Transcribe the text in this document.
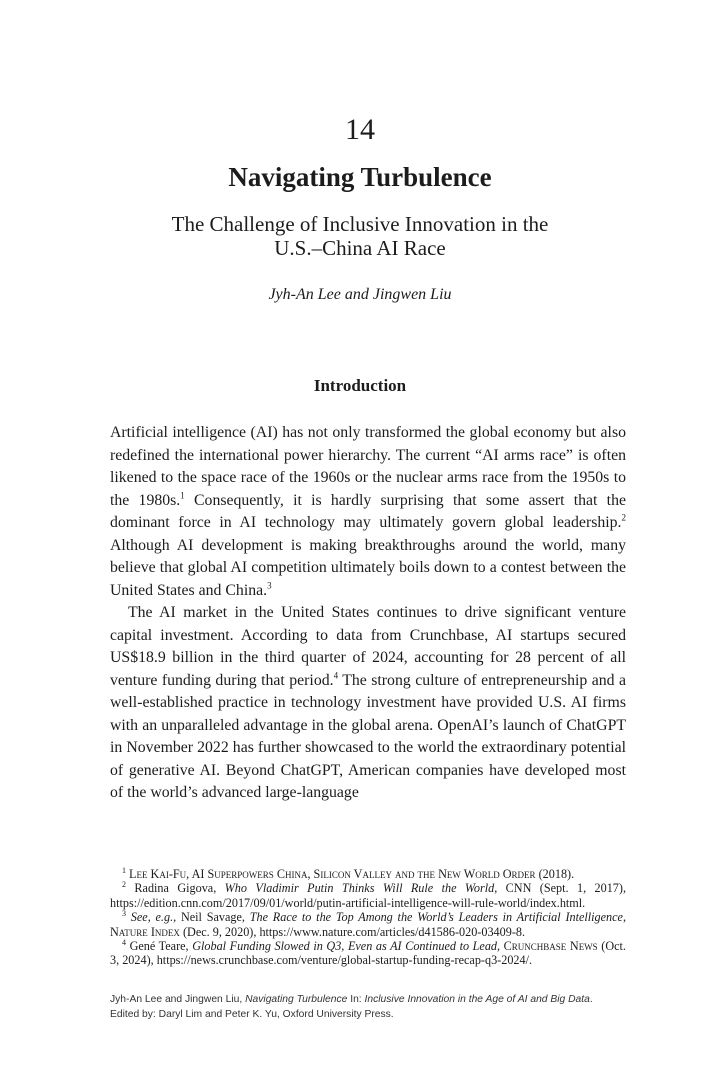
14
Navigating Turbulence
The Challenge of Inclusive Innovation in the U.S.–China AI Race
Jyh-An Lee and Jingwen Liu
Introduction

Artificial intelligence (AI) has not only transformed the global economy but also redefined the international power hierarchy. The current “AI arms race” is often likened to the space race of the 1960s or the nuclear arms race from the 1950s to the 1980s.$^1$ Consequently, it is hardly surprising that some assert that the dominant force in AI technology may ultimately govern global leadership.$^2$ Although AI development is making breakthroughs around the world, many believe that global AI competition ultimately boils down to a contest between the United States and China.$^3$

The AI market in the United States continues to drive significant venture capital investment. According to data from Crunchbase, AI startups secured US$18.9 billion in the third quarter of 2024, accounting for 28 percent of all venture funding during that period.$^4$ The strong culture of entrepreneurship and a well-established practice in technology investment have provided U.S. AI firms with an unparalleled advantage in the global arena. OpenAI’s launch of ChatGPT in November 2022 has further showcased to the world the extraordinary potential of generative AI. Beyond ChatGPT, American companies have developed most of the world’s advanced large-language

$^1$ Lee Kai-Fu, AI Superpowers China, Silicon Valley and the New World Order (2018).

$^2$ Radina Gigova, Who Vladimir Putin Thinks Will Rule the World, CNN (Sept. 1, 2017), https://edition.cnn.com/2017/09/01/world/putin-artificial-intelligence-will-rule-world/index.html.

$^3$ See, e.g., Neil Savage, The Race to the Top Among the World’s Leaders in Artificial Intelligence, Nature Index (Dec. 9, 2020), https://www.nature.com/articles/d41586-020-03409-8.

$^4$ Gené Teare, Global Funding Slowed in Q3, Even as AI Continued to Lead, Crunchbase News (Oct. 3, 2024), https://news.crunchbase.com/venture/global-startup-funding-recap-q3-2024/.

Jyh-An Lee and Jingwen Liu, Navigating Turbulence In: Inclusive Innovation in the Age of AI and Big Data. Edited by: Daryl Lim and Peter K. Yu, Oxford University Press.
